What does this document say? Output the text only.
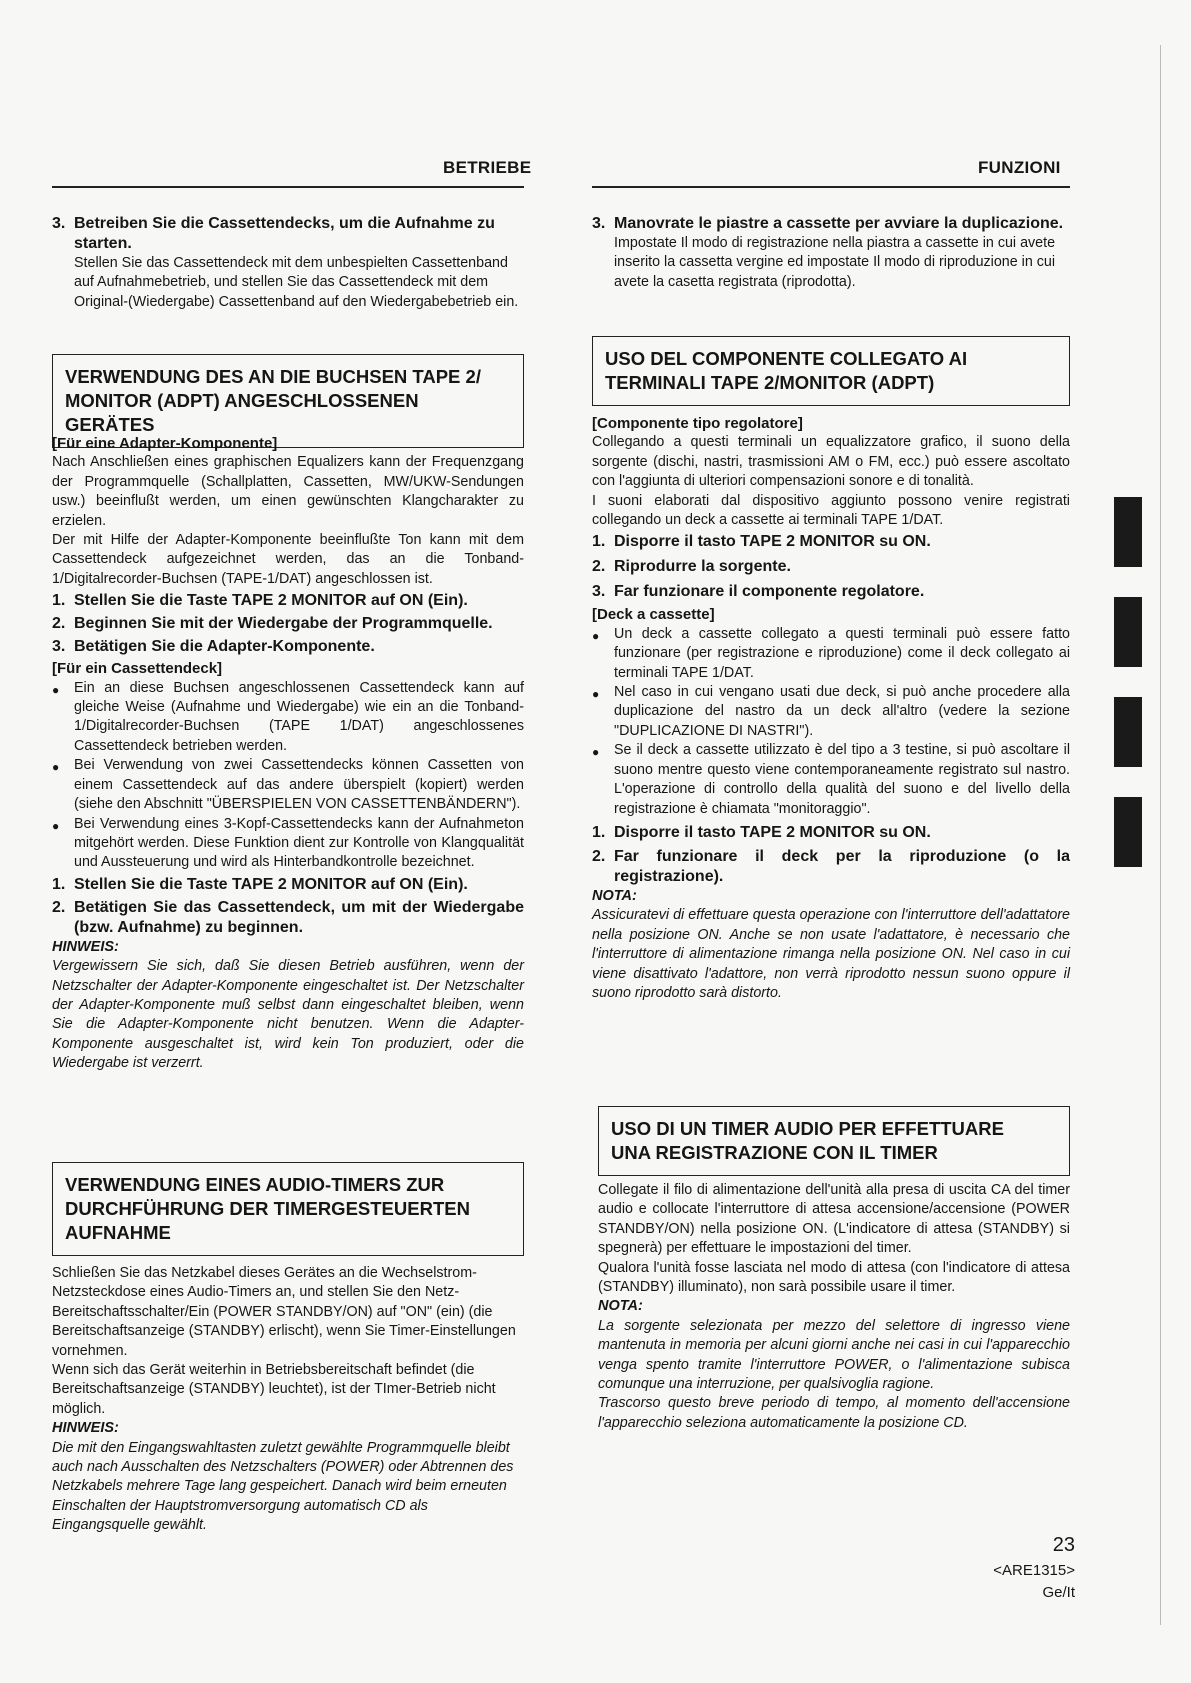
BETRIEBE
3. Betreiben Sie die Cassettendecks, um die Aufnahme zu starten.

Stellen Sie das Cassettendeck mit dem unbespielten Cassettenband auf Aufnahmebetrieb, und stellen Sie das Cassettendeck mit dem Original-(Wiedergabe) Cassettenband auf den Wiedergabebetrieb ein.

VERWENDUNG DES AN DIE BUCHSEN TAPE 2/
MONITOR (ADPT) ANGESCHLOSSENEN GERÄTES
[Für eine Adapter-Komponente]

Nach Anschließen eines graphischen Equalizers kann der Frequenzgang der Programmquelle (Schallplatten, Cassetten, MW/UKW-Sendungen usw.) beeinflußt werden, um einen gewünschten Klangcharakter zu erzielen.

Der mit Hilfe der Adapter-Komponente beeinflußte Ton kann mit dem Cassettendeck aufgezeichnet werden, das an die Tonband-1/Digitalrecorder-Buchsen (TAPE-1/DAT) angeschlossen ist.

1. Stellen Sie die Taste TAPE 2 MONITOR auf ON (Ein).
2. Beginnen Sie mit der Wiedergabe der Programmquelle.
3. Betätigen Sie die Adapter-Komponente.
[Für ein Cassettendeck]
●	Ein an diese Buchsen angeschlossenen Cassettendeck kann auf gleiche Weise (Aufnahme und Wiedergabe) wie ein an die Tonband-1/Digitalrecorder-Buchsen (TAPE 1/DAT) angeschlossenes Cassettendeck betrieben werden.

●	Bei Verwendung von zwei Cassettendecks können Cassetten von einem Cassettendeck auf das andere überspielt (kopiert) werden (siehe den Abschnitt "ÜBERSPIELEN VON CASSETTENBÄNDERN").

●	Bei Verwendung eines 3-Kopf-Cassettendecks kann der Aufnahmeton mitgehört werden. Diese Funktion dient zur Kontrolle von Klangqualität und Aussteuerung und wird als Hinterbandkontrolle bezeichnet.

1. Stellen Sie die Taste TAPE 2 MONITOR auf ON (Ein).
2. Betätigen Sie das Cassettendeck, um mit der Wiedergabe (bzw. Aufnahme) zu beginnen.
HINWEIS:

Vergewissern Sie sich, daß Sie diesen Betrieb ausführen, wenn der Netzschalter der Adapter-Komponente eingeschaltet ist. Der Netzschalter der Adapter-Komponente muß selbst dann eingeschaltet bleiben, wenn Sie die Adapter-Komponente nicht benutzen. Wenn die Adapter-Komponente ausgeschaltet ist, wird kein Ton produziert, oder die Wiedergabe ist verzerrt.

VERWENDUNG EINES AUDIO-TIMERS ZUR
DURCHFÜHRUNG DER TIMERGESTEUERTEN
AUFNAHME

Schließen Sie das Netzkabel dieses Gerätes an die Wechselstrom-Netzsteckdose eines Audio-Timers an, und stellen Sie den Netz-Bereitschaftsschalter/Ein (POWER STANDBY/ON) auf "ON" (ein) (die Bereitschaftsanzeige (STANDBY) erlischt), wenn Sie Timer-Einstellungen vornehmen.

Wenn sich das Gerät weiterhin in Betriebsbereitschaft befindet (die Bereitschaftsanzeige (STANDBY) leuchtet), ist der TImer-Betrieb nicht möglich.

HINWEIS:

Die mit den Eingangswahltasten zuletzt gewählte Programmquelle bleibt auch nach Ausschalten des Netzschalters (POWER) oder Abtrennen des Netzkabels mehrere Tage lang gespeichert. Danach wird beim erneuten Einschalten der Hauptstromversorgung automatisch CD als Eingangsquelle gewählt.

FUNZIONI
3. Manovrate le piastre a cassette per avviare la duplicazione.

Impostate Il modo di registrazione nella piastra a cassette in cui avete inserito la cassetta vergine ed impostate Il modo di riproduzione in cui avete la casetta registrata (riprodotta).

USO DEL COMPONENTE COLLEGATO AI
TERMINALI TAPE 2/MONITOR (ADPT)
[Componente tipo regolatore]

Collegando a questi terminali un equalizzatore grafico, il suono della sorgente (dischi, nastri, trasmissioni AM o FM, ecc.) può essere ascoltato con l'aggiunta di ulteriori compensazioni sonore e di tonalità.

I suoni elaborati dal dispositivo aggiunto possono venire registrati collegando un deck a cassette ai terminali TAPE 1/DAT.

1. Disporre il tasto TAPE 2 MONITOR su ON.
2. Riprodurre la sorgente.
3. Far funzionare il componente regolatore.
[Deck a cassette]
●	Un deck a cassette collegato a questi terminali può essere fatto funzionare (per registrazione e riproduzione) come il deck collegato ai terminali TAPE 1/DAT.

●	Nel caso in cui vengano usati due deck, si può anche procedere alla duplicazione del nastro da un deck all'altro (vedere la sezione "DUPLICAZIONE DI NASTRI").

●	Se il deck a cassette utilizzato è del tipo a 3 testine, si può ascoltare il suono mentre questo viene contemporaneamente registrato sul nastro. L'operazione di controllo della qualità del suono e del livello della registrazione è chiamata "monitoraggio".

1. Disporre il tasto TAPE 2 MONITOR su ON.
2. Far funzionare il deck per la riproduzione (o la registrazione).
NOTA:

Assicuratevi di effettuare questa operazione con l'interruttore dell'adattatore nella posizione ON. Anche se non usate l'adattatore, è necessario che l'interruttore di alimentazione rimanga nella posizione ON. Nel caso in cui viene disattivato l'adattore, non verrà riprodotto nessun suono oppure il suono riprodotto sarà distorto.

USO DI UN TIMER AUDIO PER EFFETTUARE
UNA REGISTRAZIONE CON IL TIMER

Collegate il filo di alimentazione dell'unità alla presa di uscita CA del timer audio e collocate l'interruttore di attesa accensione/accensione (POWER STANDBY/ON) nella posizione ON. (L'indicatore di attesa (STANDBY) si spegnerà) per effettuare le impostazioni del timer.

Qualora l'unità fosse lasciata nel modo di attesa (con l'indicatore di attesa (STANDBY) illuminato), non sarà possibile usare il timer.

NOTA:

La sorgente selezionata per mezzo del selettore di ingresso viene mantenuta in memoria per alcuni giorni anche nei casi in cui l'apparecchio venga spento tramite l'interruttore POWER, o l'alimentazione subisca comunque una interruzione, per qualsivoglia ragione.

Trascorso questo breve periodo di tempo, al momento dell'accensione l'apparecchio seleziona automaticamente la posizione CD.

23
<ARE1315>
Ge/It
